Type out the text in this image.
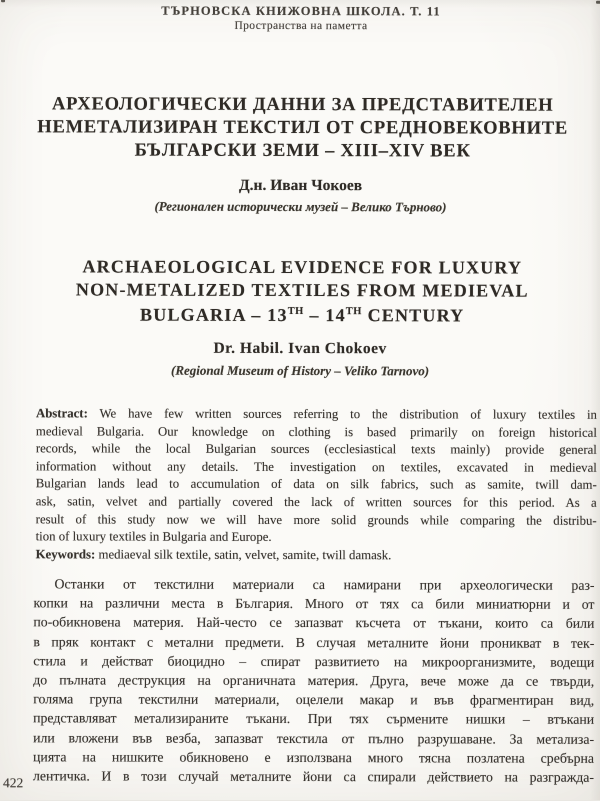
ТЪРНОВСКА КНИЖОВНА ШКОЛА. Т. 11
Пространства на паметта
АРХЕОЛОГИЧЕСКИ ДАННИ ЗА ПРЕДСТАВИТЕЛЕН
НЕМЕТАЛИЗИРАН ТЕКСТИЛ ОТ СРЕДНОВЕКОВНИТЕ
БЪЛГАРСКИ ЗЕМИ – XIII–XIV ВЕК
Д.н. Иван Чокоев
(Регионален исторически музей – Велико Търново)
ARCHAEOLOGICAL EVIDENCE FOR LUXURY
NON-METALIZED TEXTILES FROM MEDIEVAL
BULGARIA – 13TH – 14TH CENTURY
Dr. Habil. Ivan Chokoev
(Regional Museum of History – Veliko Tarnovo)
Abstract: We have few written sources referring to the distribution of luxury textiles in
medieval Bulgaria. Our knowledge on clothing is based primarily on foreign historical
records, while the local Bulgarian sources (ecclesiastical texts mainly) provide general
information without any details. The investigation on textiles, excavated in medieval
Bulgarian lands lead to accumulation of data on silk fabrics, such as samite, twill dam-
ask, satin, velvet and partially covered the lack of written sources for this period. As a
result of this study now we will have more solid grounds while comparing the distribu-
tion of luxury textiles in Bulgaria and Europe.
Keywords: mediaeval silk textile, satin, velvet, samite, twill damask.
Останки от текстилни материали са намирани при археологически раз-
копки на различни места в България. Много от тях са били миниатюрни и от
по-обикновена материя. Най-често се запазват късчета от тъкани, които са били
в пряк контакт с метални предмети. В случая металните йони проникват в тек-
стила и действат биоцидно – спират развитието на микроорганизмите, водещи
до пълната деструкция на органичната материя. Друга, вече може да се твърди,
голяма група текстилни материали, оцелели макар и във фрагментиран вид,
представляват метализираните тъкани. При тях сърмените нишки – втъкани
или вложени във везба, запазват текстила от пълно разрушаване. За метализа-
цията на нишките обикновено е използвана много тясна позлатена сребърна
лентичка. И в този случай металните йони са спирали действието на разгражда-
422
